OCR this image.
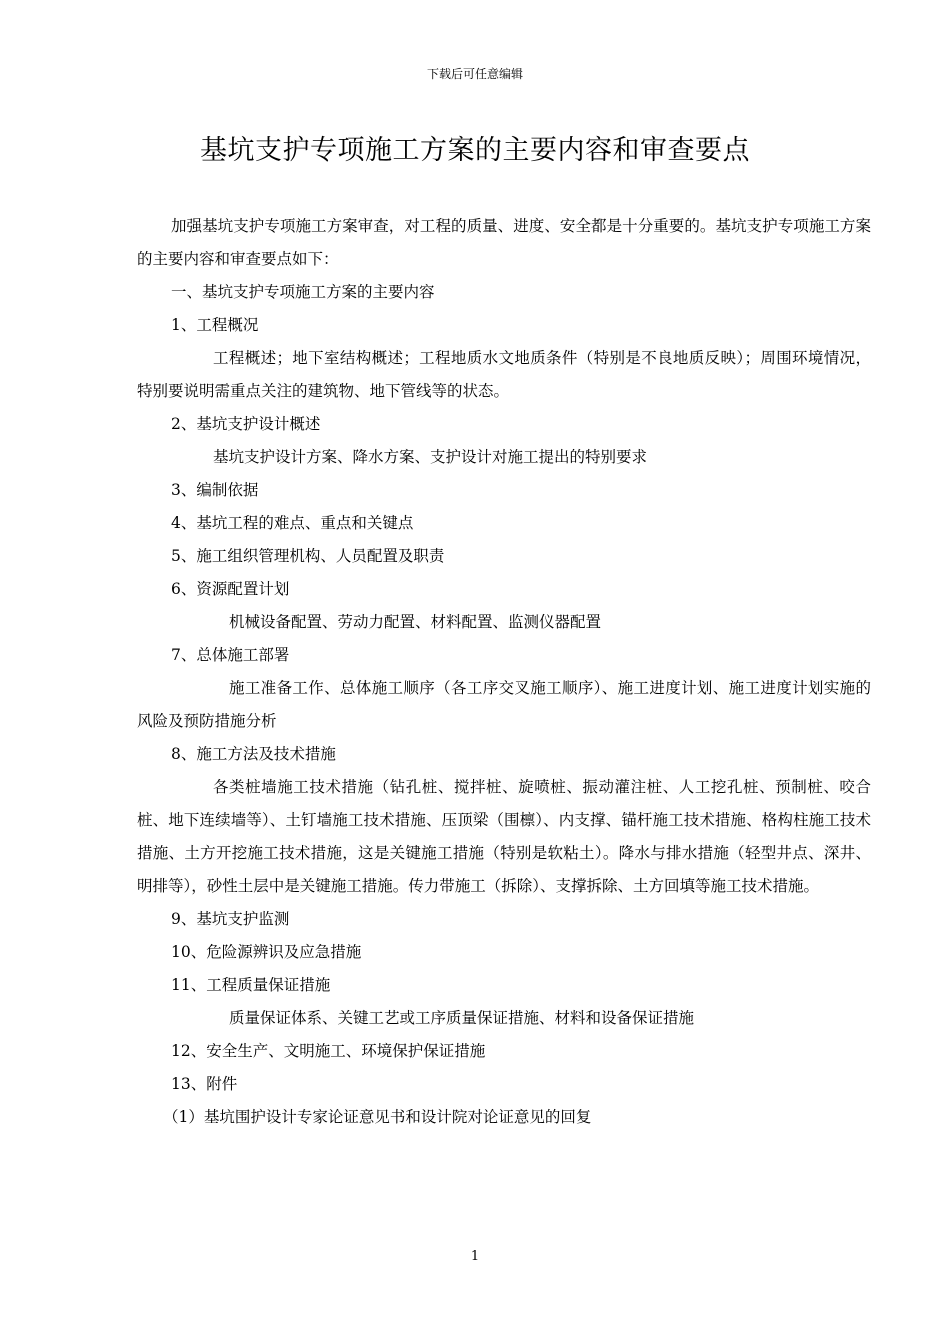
下载后可任意编辑
基坑支护专项施工方案的主要内容和审查要点

加强基坑支护专项施工方案审查，对工程的质量、进度、安全都是十分重要的。基坑支护专项施工方案的主要内容和审查要点如下：

一、基坑支护专项施工方案的主要内容

1、工程概况

工程概述；地下室结构概述；工程地质水文地质条件（特别是不良地质反映）；周围环境情况，特别要说明需重点关注的建筑物、地下管线等的状态。

2、基坑支护设计概述

基坑支护设计方案、降水方案、支护设计对施工提出的特别要求

3、编制依据

4、基坑工程的难点、重点和关键点

5、施工组织管理机构、人员配置及职责

6、资源配置计划

机械设备配置、劳动力配置、材料配置、监测仪器配置

7、总体施工部署

施工准备工作、总体施工顺序（各工序交叉施工顺序）、施工进度计划、施工进度计划实施的风险及预防措施分析

8、施工方法及技术措施

各类桩墙施工技术措施（钻孔桩、搅拌桩、旋喷桩、振动灌注桩、人工挖孔桩、预制桩、咬合桩、地下连续墙等）、土钉墙施工技术措施、压顶梁（围檩）、内支撑、锚杆施工技术措施、格构柱施工技术措施、土方开挖施工技术措施，这是关键施工措施（特别是软粘土）。降水与排水措施（轻型井点、深井、明排等），砂性土层中是关键施工措施。传力带施工（拆除）、支撑拆除、土方回填等施工技术措施。

9、基坑支护监测

10、危险源辨识及应急措施

11、工程质量保证措施

质量保证体系、关键工艺或工序质量保证措施、材料和设备保证措施

12、安全生产、文明施工、环境保护保证措施

13、附件

（1）基坑围护设计专家论证意见书和设计院对论证意见的回复

1
